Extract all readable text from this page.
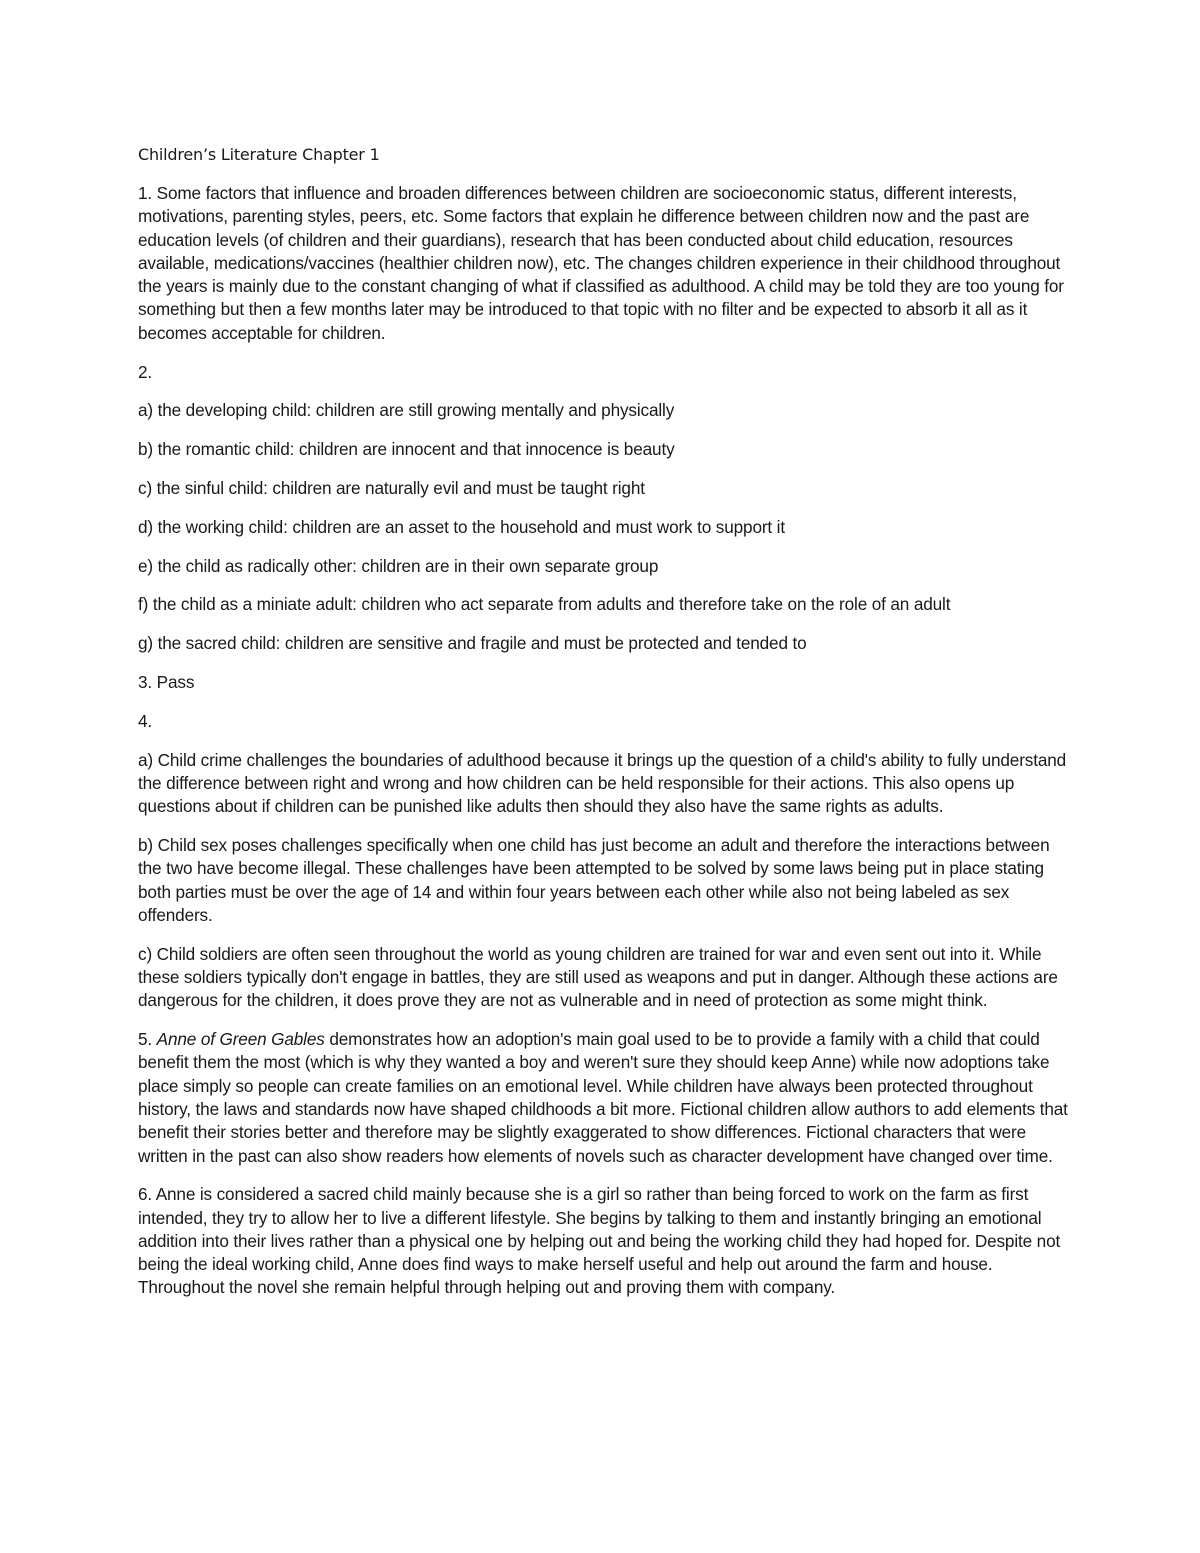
Children’s Literature Chapter 1

1. Some factors that influence and broaden differences between children are socioeconomic status, different interests, motivations, parenting styles, peers, etc. Some factors that explain he difference between children now and the past are education levels (of children and their guardians), research that has been conducted about child education, resources available, medications/vaccines (healthier children now), etc. The changes children experience in their childhood throughout the years is mainly due to the constant changing of what if classified as adulthood. A child may be told they are too young for something but then a few months later may be introduced to that topic with no filter and be expected to absorb it all as it becomes acceptable for children.

2.

a) the developing child: children are still growing mentally and physically

b) the romantic child: children are innocent and that innocence is beauty

c) the sinful child: children are naturally evil and must be taught right

d) the working child: children are an asset to the household and must work to support it

e) the child as radically other: children are in their own separate group

f) the child as a miniate adult: children who act separate from adults and therefore take on the role of an adult

g) the sacred child: children are sensitive and fragile and must be protected and tended to

3. Pass

4.

a) Child crime challenges the boundaries of adulthood because it brings up the question of a child's ability to fully understand the difference between right and wrong and how children can be held responsible for their actions. This also opens up questions about if children can be punished like adults then should they also have the same rights as adults.

b) Child sex poses challenges specifically when one child has just become an adult and therefore the interactions between the two have become illegal. These challenges have been attempted to be solved by some laws being put in place stating both parties must be over the age of 14 and within four years between each other while also not being labeled as sex offenders.

c) Child soldiers are often seen throughout the world as young children are trained for war and even sent out into it. While these soldiers typically don't engage in battles, they are still used as weapons and put in danger. Although these actions are dangerous for the children, it does prove they are not as vulnerable and in need of protection as some might think.

5. Anne of Green Gables demonstrates how an adoption's main goal used to be to provide a family with a child that could benefit them the most (which is why they wanted a boy and weren't sure they should keep Anne) while now adoptions take place simply so people can create families on an emotional level. While children have always been protected throughout history, the laws and standards now have shaped childhoods a bit more. Fictional children allow authors to add elements that benefit their stories better and therefore may be slightly exaggerated to show differences. Fictional characters that were written in the past can also show readers how elements of novels such as character development have changed over time.

6. Anne is considered a sacred child mainly because she is a girl so rather than being forced to work on the farm as first intended, they try to allow her to live a different lifestyle. She begins by talking to them and instantly bringing an emotional addition into their lives rather than a physical one by helping out and being the working child they had hoped for. Despite not being the ideal working child, Anne does find ways to make herself useful and help out around the farm and house. Throughout the novel she remain helpful through helping out and proving them with company.
